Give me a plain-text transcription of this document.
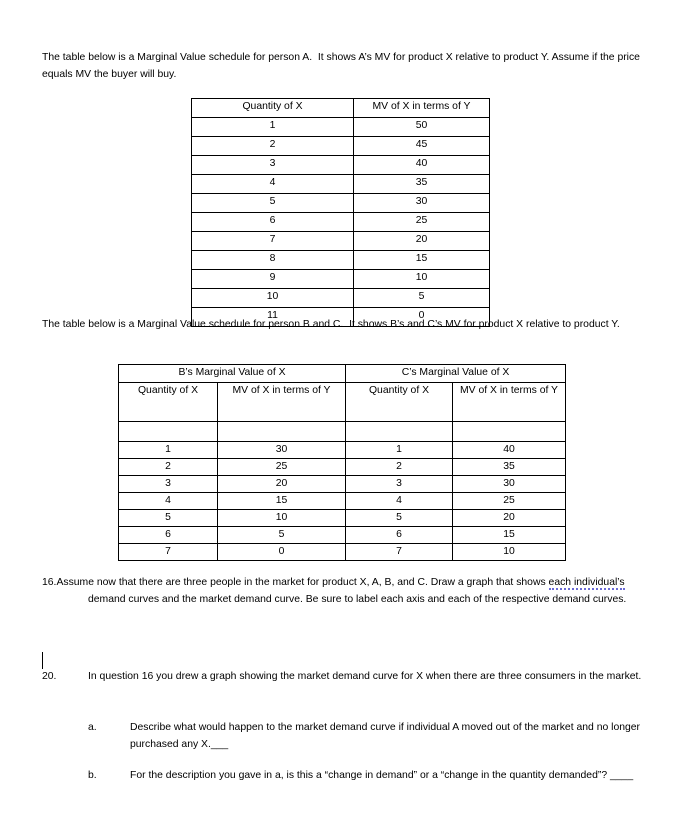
The table below is a Marginal Value schedule for person A.  It shows A’s MV for product X relative to product Y. Assume if the price equals MV the buyer will buy.
Quantity of X	MV of X in terms of Y
1	50
2	45
3	40
4	35
5	30
6	25
7	20
8	15
9	10
10	5
11	0
The table below is a Marginal Value schedule for person B and C.  It shows B’s and C’s MV for product X relative to product Y.
B’s Marginal Value of X		C’s Marginal Value of X	
Quantity of X	MV of X in terms of Y	Quantity of X	MV of X in terms of Y

1	30	1	40
2	25	2	35
3	20	3	30
4	15	4	25
5	10	5	20
6	5	6	15
7	0	7	10
16.Assume now that there are three people in the market for product X, A, B, and C. Draw a graph that shows each individual’s demand curves and the market demand curve. Be sure to label each axis and each of the respective demand curves.
20.	In question 16 you drew a graph showing the market demand curve for X when there are three consumers in the market.
a.	Describe what would happen to the market demand curve if individual A moved out of the market and no longer purchased any X.___
b.	For the description you gave in a, is this a “change in demand” or a “change in the quantity demanded”? ____
